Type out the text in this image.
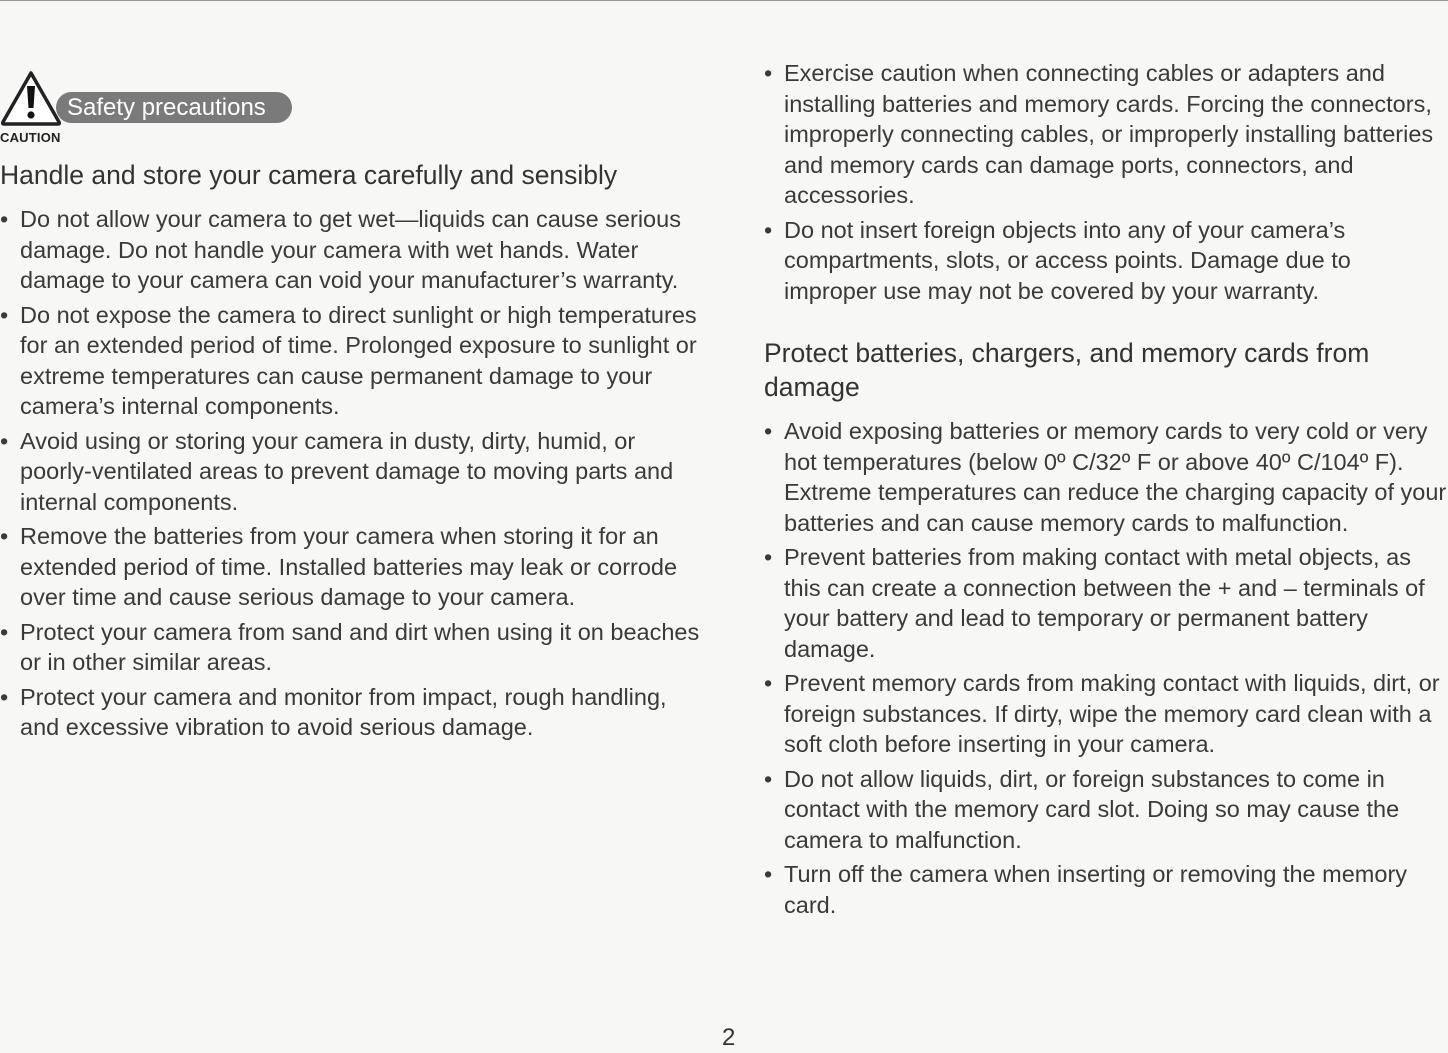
Safety precautions
CAUTION
Handle and store your camera carefully and sensibly
• Do not allow your camera to get wet—liquids can cause serious damage. Do not handle your camera with wet hands. Water damage to your camera can void your manufacturer’s warranty.
• Do not expose the camera to direct sunlight or high temperatures for an extended period of time. Prolonged exposure to sunlight or extreme temperatures can cause permanent damage to your camera’s internal components.
• Avoid using or storing your camera in dusty, dirty, humid, or poorly-ventilated areas to prevent damage to moving parts and internal components.
• Remove the batteries from your camera when storing it for an extended period of time. Installed batteries may leak or corrode over time and cause serious damage to your camera.
• Protect your camera from sand and dirt when using it on beaches or in other similar areas.
• Protect your camera and monitor from impact, rough handling, and excessive vibration to avoid serious damage.
• Exercise caution when connecting cables or adapters and installing batteries and memory cards. Forcing the connectors, improperly connecting cables, or improperly installing batteries and memory cards can damage ports, connectors, and accessories.
• Do not insert foreign objects into any of your camera’s compartments, slots, or access points. Damage due to improper use may not be covered by your warranty.
Protect batteries, chargers, and memory cards from damage
• Avoid exposing batteries or memory cards to very cold or very hot temperatures (below 0º C/32º F or above 40º C/104º F). Extreme temperatures can reduce the charging capacity of your batteries and can cause memory cards to malfunction.
• Prevent batteries from making contact with metal objects, as this can create a connection between the + and – terminals of your battery and lead to temporary or permanent battery damage.
• Prevent memory cards from making contact with liquids, dirt, or foreign substances. If dirty, wipe the memory card clean with a soft cloth before inserting in your camera.
• Do not allow liquids, dirt, or foreign substances to come in contact with the memory card slot. Doing so may cause the camera to malfunction.
• Turn off the camera when inserting or removing the memory card.
2
